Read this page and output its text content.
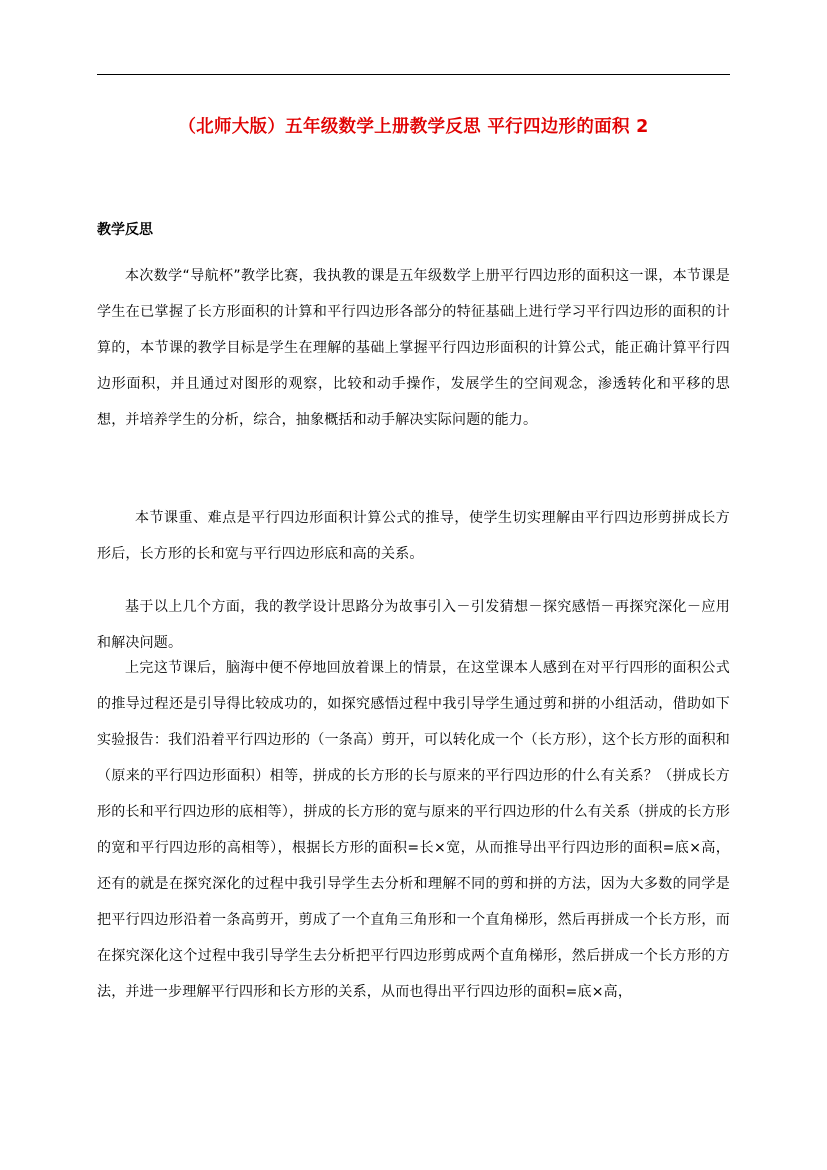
（北师大版）五年级数学上册教学反思 平行四边形的面积 2
教学反思

本次数学“导航杯”教学比赛，我执教的课是五年级数学上册平行四边形的面积这一课，本节课是学生在已掌握了长方形面积的计算和平行四边形各部分的特征基础上进行学习平行四边形的面积的计算的，本节课的教学目标是学生在理解的基础上掌握平行四边形面积的计算公式，能正确计算平行四边形面积，并且通过对图形的观察，比较和动手操作，发展学生的空间观念，渗透转化和平移的思想，并培养学生的分析，综合，抽象概括和动手解决实际问题的能力。

本节课重、难点是平行四边形面积计算公式的推导，使学生切实理解由平行四边形剪拼成长方形后，长方形的长和宽与平行四边形底和高的关系。

基于以上几个方面，我的教学设计思路分为故事引入－引发猜想－探究感悟－再探究深化－应用和解决问题。

上完这节课后，脑海中便不停地回放着课上的情景，在这堂课本人感到在对平行四形的面积公式的推导过程还是引导得比较成功的，如探究感悟过程中我引导学生通过剪和拼的小组活动，借助如下实验报告：我们沿着平行四边形的（一条高）剪开，可以转化成一个（长方形），这个长方形的面积和（原来的平行四边形面积）相等，拼成的长方形的长与原来的平行四边形的什么有关系？（拼成长方形的长和平行四边形的底相等），拼成的长方形的宽与原来的平行四边形的什么有关系（拼成的长方形的宽和平行四边形的高相等），根据长方形的面积=长×宽，从而推导出平行四边形的面积=底×高，还有的就是在探究深化的过程中我引导学生去分析和理解不同的剪和拼的方法，因为大多数的同学是把平行四边形沿着一条高剪开，剪成了一个直角三角形和一个直角梯形，然后再拼成一个长方形，而在探究深化这个过程中我引导学生去分析把平行四边形剪成两个直角梯形，然后拼成一个长方形的方法，并进一步理解平行四形和长方形的关系，从而也得出平行四边形的面积=底×高，
